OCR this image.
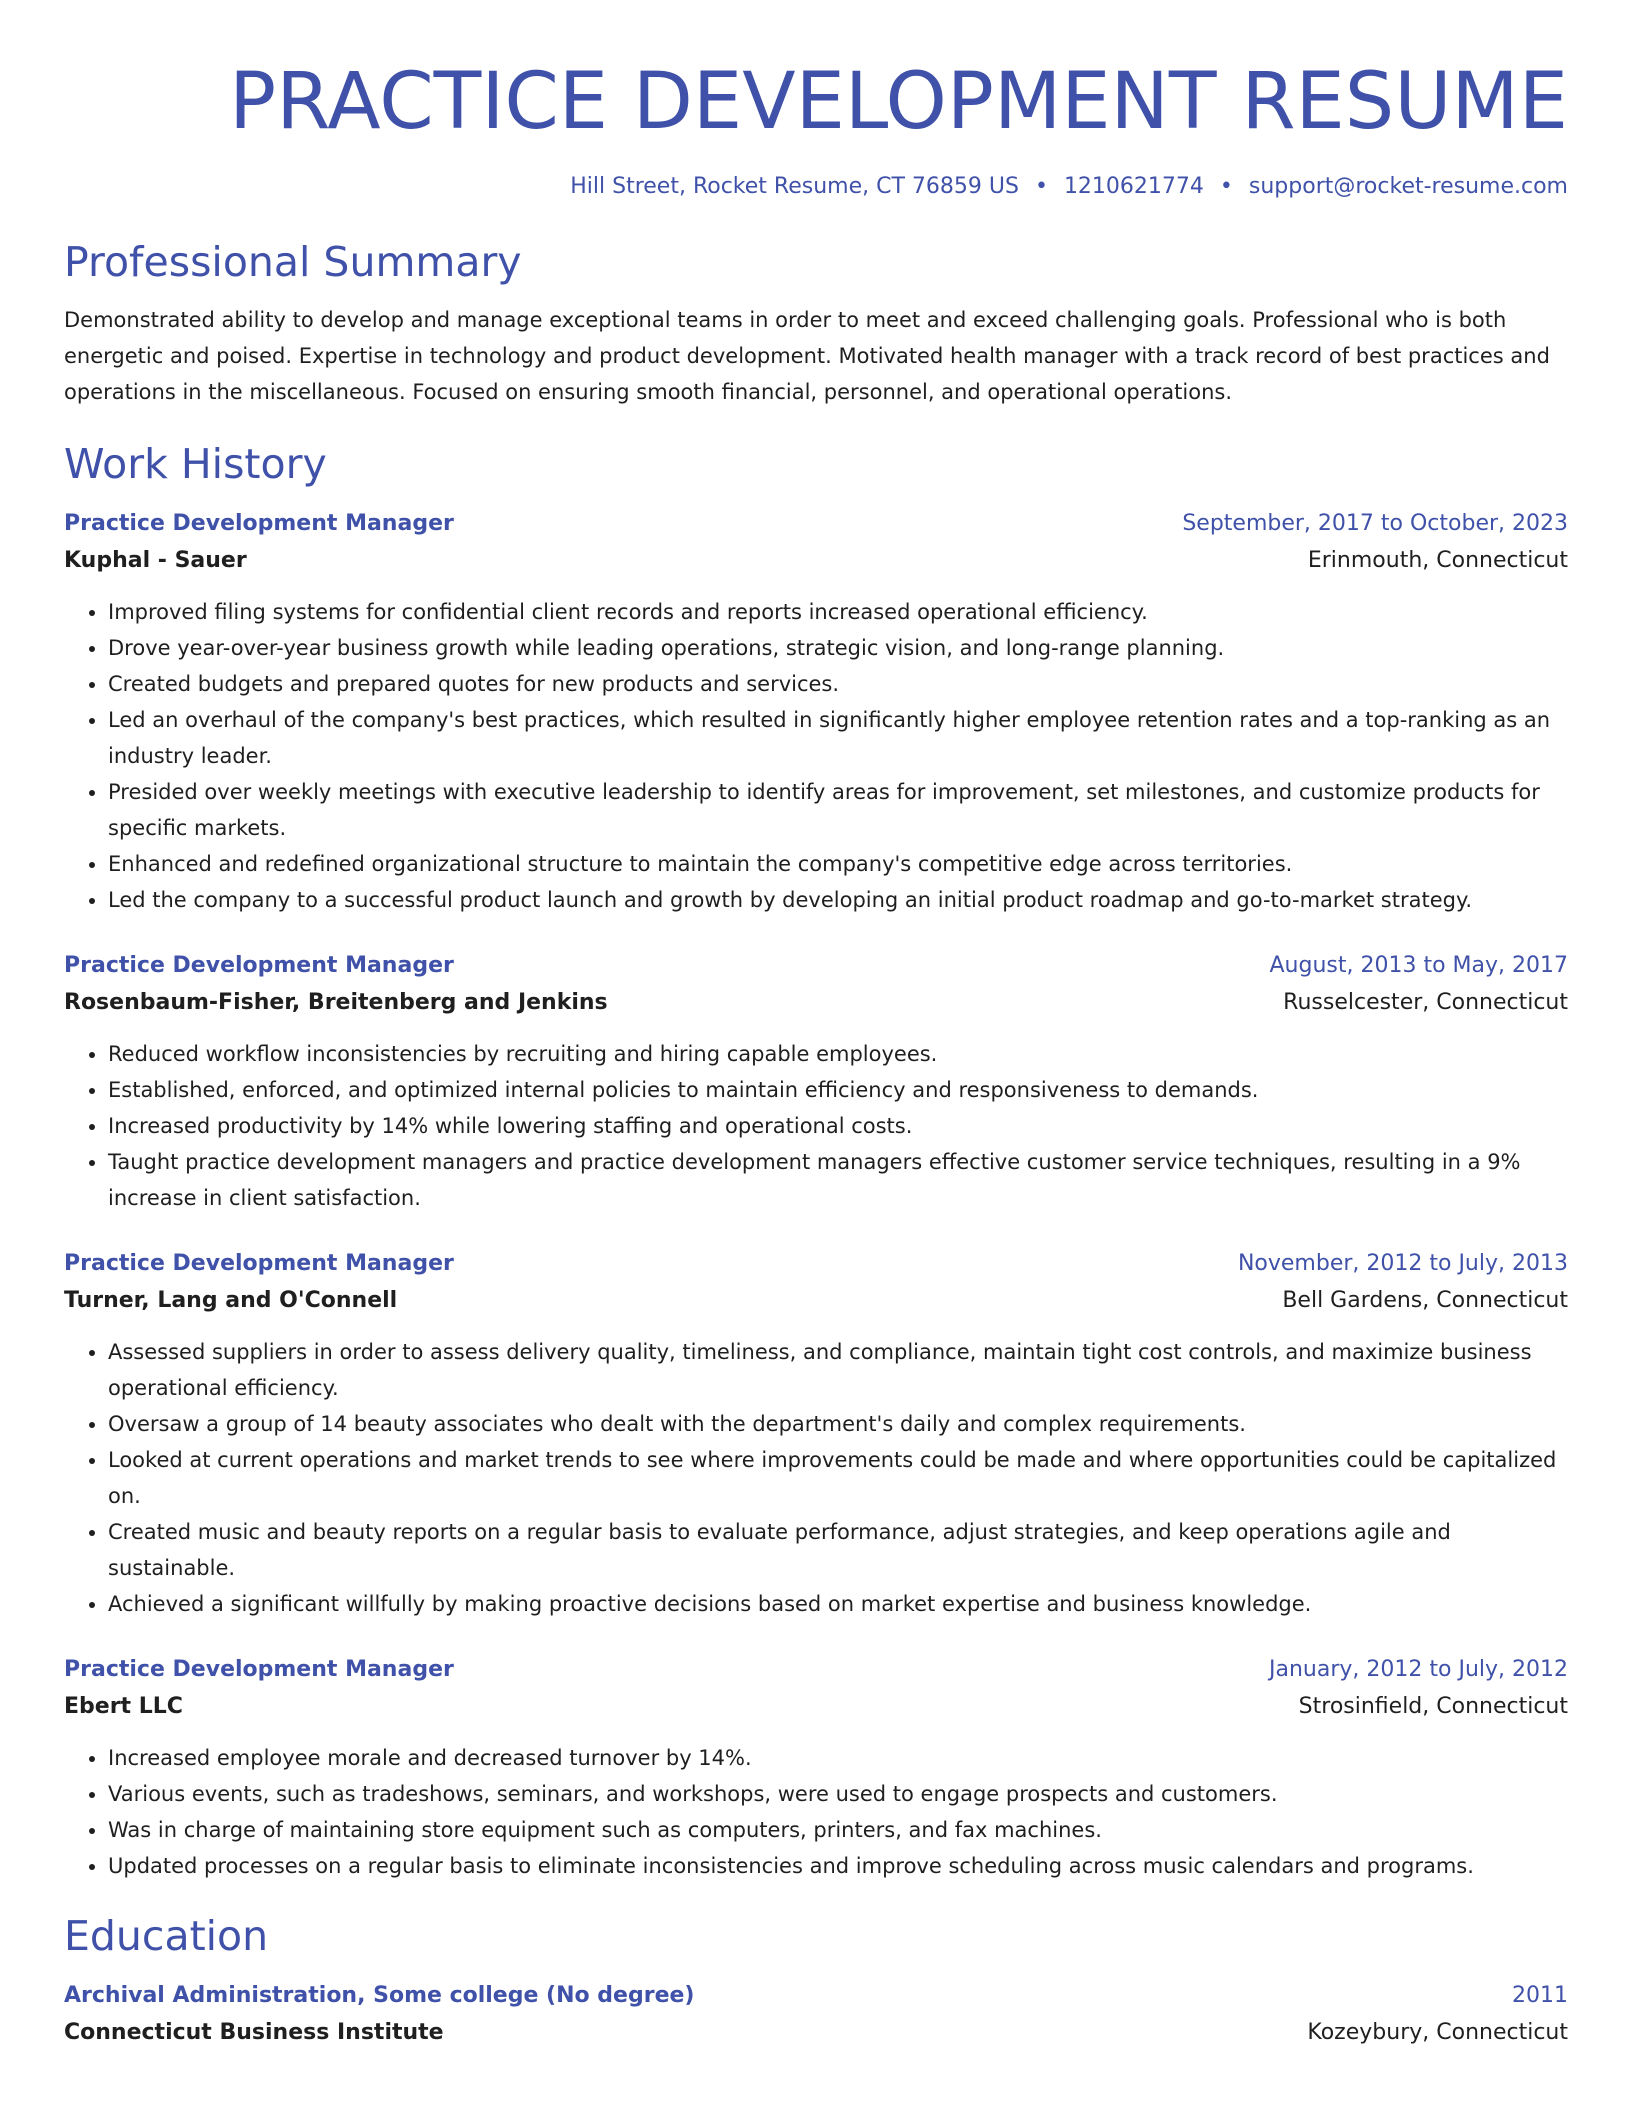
PRACTICE DEVELOPMENT RESUME
Hill Street, Rocket Resume, CT 76859 US • 1210621774 • support@rocket-resume.com
Professional Summary

Demonstrated ability to develop and manage exceptional teams in order to meet and exceed challenging goals. Professional who is both energetic and poised. Expertise in technology and product development. Motivated health manager with a track record of best practices and operations in the miscellaneous. Focused on ensuring smooth financial, personnel, and operational operations.

Work History
Practice Development Manager	September, 2017 to October, 2023
Kuphal - Sauer	Erinmouth, Connecticut
• Improved filing systems for confidential client records and reports increased operational efficiency.
• Drove year-over-year business growth while leading operations, strategic vision, and long-range planning.
• Created budgets and prepared quotes for new products and services.
• Led an overhaul of the company's best practices, which resulted in significantly higher employee retention rates and a top-ranking as an industry leader.
• Presided over weekly meetings with executive leadership to identify areas for improvement, set milestones, and customize products for specific markets.
• Enhanced and redefined organizational structure to maintain the company's competitive edge across territories.
• Led the company to a successful product launch and growth by developing an initial product roadmap and go-to-market strategy.
Practice Development Manager	August, 2013 to May, 2017
Rosenbaum-Fisher, Breitenberg and Jenkins	Russelcester, Connecticut
• Reduced workflow inconsistencies by recruiting and hiring capable employees.
• Established, enforced, and optimized internal policies to maintain efficiency and responsiveness to demands.
• Increased productivity by 14% while lowering staffing and operational costs.
• Taught practice development managers and practice development managers effective customer service techniques, resulting in a 9% increase in client satisfaction.
Practice Development Manager	November, 2012 to July, 2013
Turner, Lang and O'Connell	Bell Gardens, Connecticut
• Assessed suppliers in order to assess delivery quality, timeliness, and compliance, maintain tight cost controls, and maximize business operational efficiency.
• Oversaw a group of 14 beauty associates who dealt with the department's daily and complex requirements.
• Looked at current operations and market trends to see where improvements could be made and where opportunities could be capitalized on.
• Created music and beauty reports on a regular basis to evaluate performance, adjust strategies, and keep operations agile and sustainable.
• Achieved a significant willfully by making proactive decisions based on market expertise and business knowledge.
Practice Development Manager	January, 2012 to July, 2012
Ebert LLC	Strosinfield, Connecticut
• Increased employee morale and decreased turnover by 14%.
• Various events, such as tradeshows, seminars, and workshops, were used to engage prospects and customers.
• Was in charge of maintaining store equipment such as computers, printers, and fax machines.
• Updated processes on a regular basis to eliminate inconsistencies and improve scheduling across music calendars and programs.
Education
Archival Administration, Some college (No degree)	2011
Connecticut Business Institute	Kozeybury, Connecticut
